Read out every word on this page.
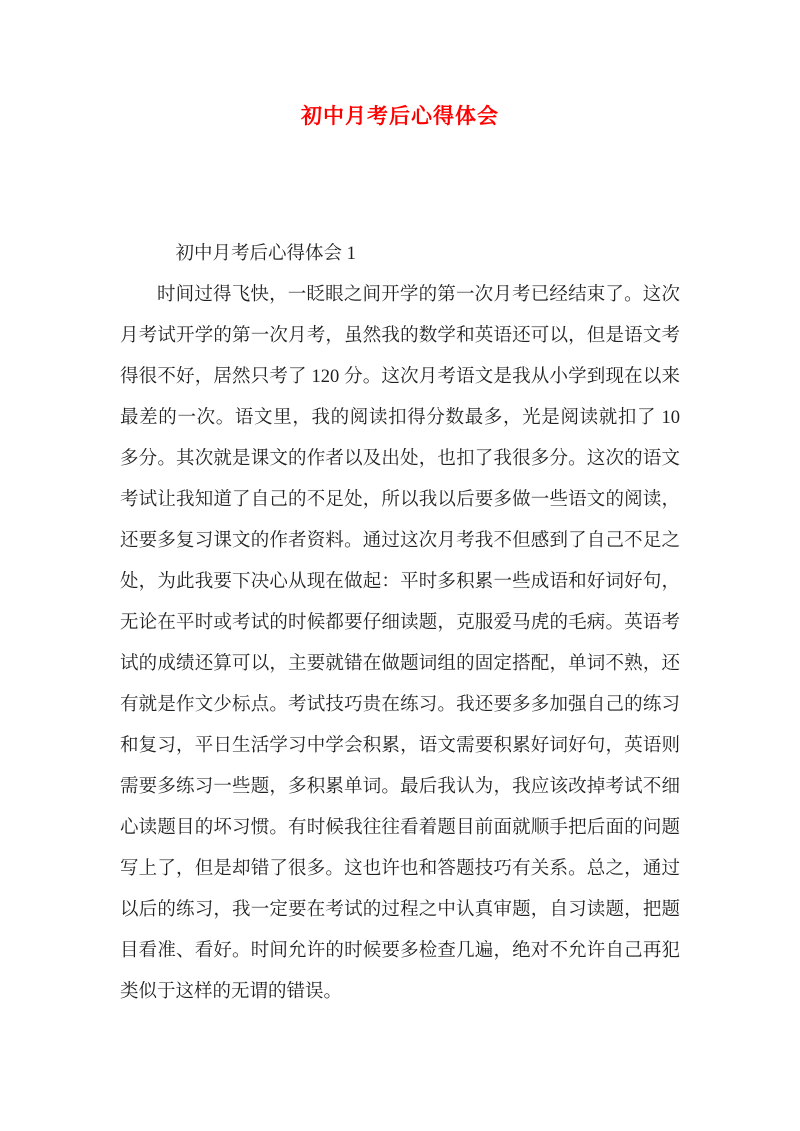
初中月考后心得体会

初中月考后心得体会 1

时间过得飞快，一眨眼之间开学的第一次月考已经结束了。这次月考试开学的第一次月考，虽然我的数学和英语还可以，但是语文考得很不好，居然只考了 120 分。这次月考语文是我从小学到现在以来最差的一次。语文里，我的阅读扣得分数最多，光是阅读就扣了 10 多分。其次就是课文的作者以及出处，也扣了我很多分。这次的语文考试让我知道了自己的不足处，所以我以后要多做一些语文的阅读，还要多复习课文的作者资料。通过这次月考我不但感到了自己不足之处，为此我要下决心从现在做起：平时多积累一些成语和好词好句，无论在平时或考试的时候都要仔细读题，克服爱马虎的毛病。英语考试的成绩还算可以，主要就错在做题词组的固定搭配，单词不熟，还有就是作文少标点。考试技巧贵在练习。我还要多多加强自己的练习和复习，平日生活学习中学会积累，语文需要积累好词好句，英语则需要多练习一些题，多积累单词。最后我认为，我应该改掉考试不细心读题目的坏习惯。有时候我往往看着题目前面就顺手把后面的问题写上了，但是却错了很多。这也许也和答题技巧有关系。总之，通过以后的练习，我一定要在考试的过程之中认真审题，自习读题，把题目看准、看好。时间允许的时候要多检查几遍，绝对不允许自己再犯类似于这样的无谓的错误。
